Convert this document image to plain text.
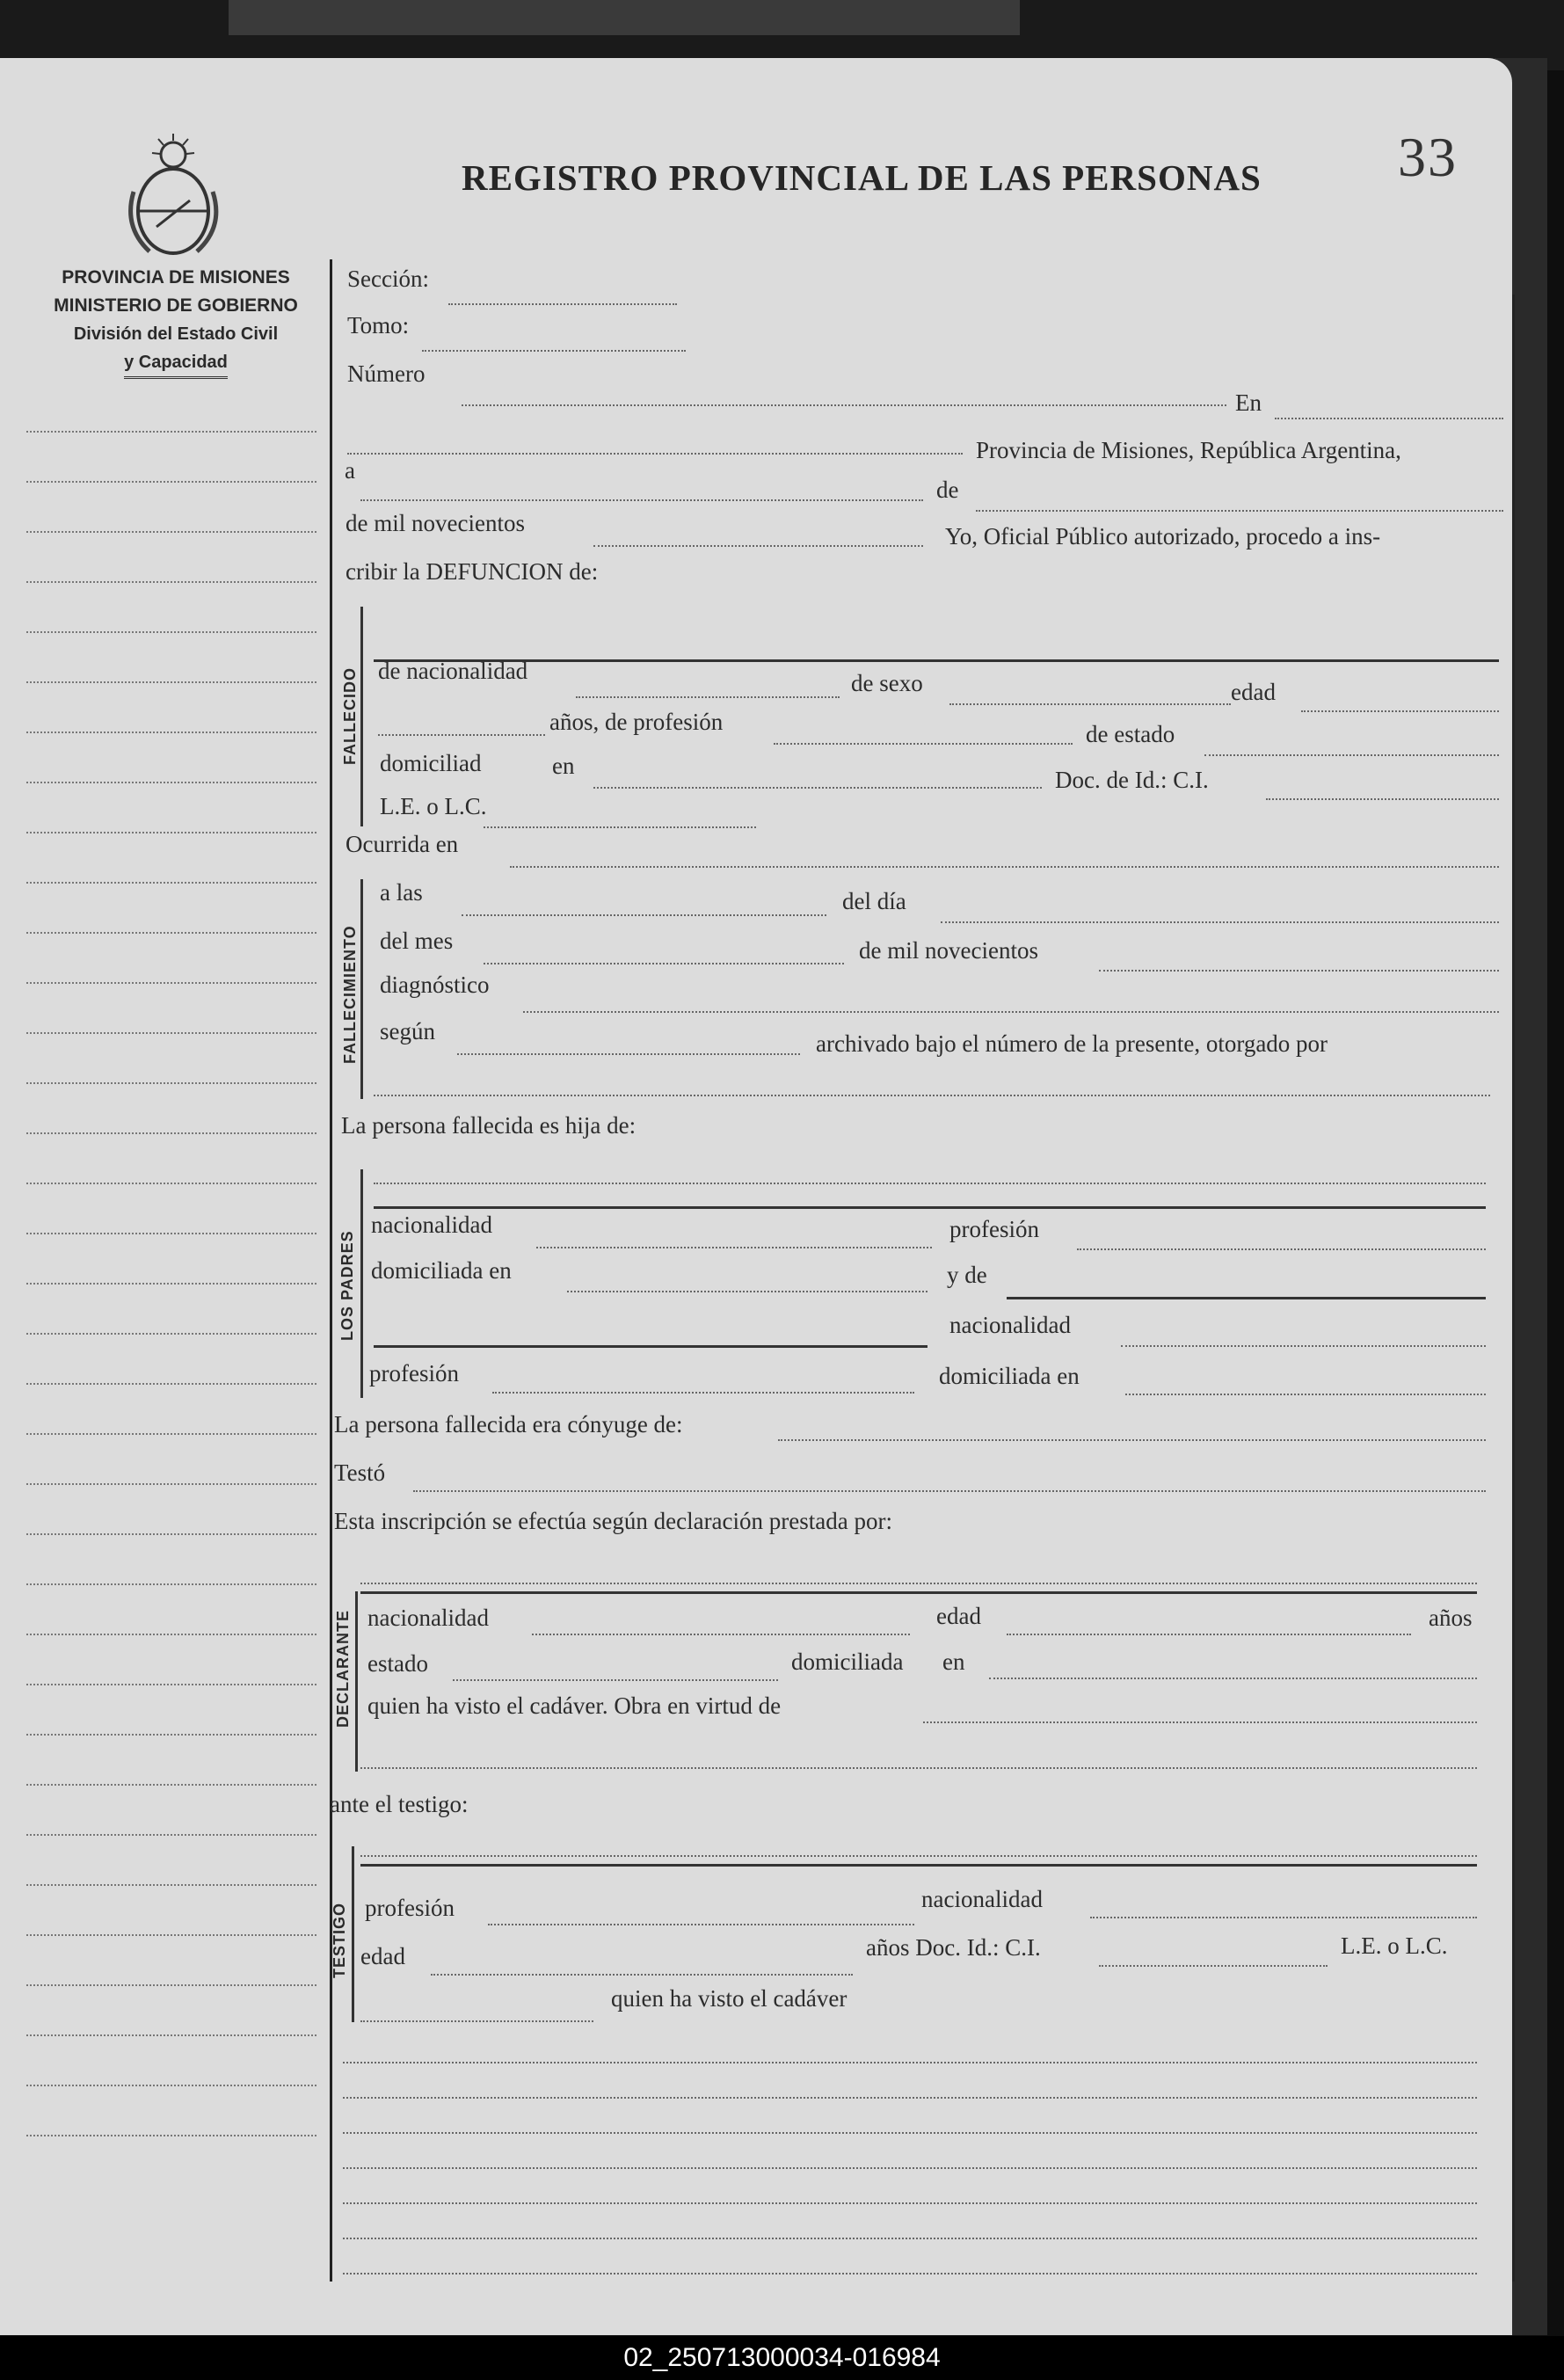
33
REGISTRO PROVINCIAL DE LAS PERSONAS
PROVINCIA DE MISIONES
MINISTERIO DE GOBIERNO
División del Estado Civil
y Capacidad
Sección:
Tomo:
Número
En
Provincia de Misiones, República Argentina,
a
de
de mil novecientos	Yo, Oficial Público autorizado, procedo a ins-
cribir la DEFUNCION de:
FALLECIDO de nacionalidad	de sexo	edad
años, de profesión	de estado
domiciliad	en
Doc. de Id.: C.I.
L.E. o L.C.
Ocurrida en
FALLECIMIENTO
a las	del día
del mes	de mil novecientos
diagnóstico
según	archivado bajo el número de la presente, otorgado por
La persona fallecida es hija de:
LOS PADRES
nacionalidad	profesión
domiciliada en	y de
nacionalidad
profesión	domiciliada en
La persona fallecida era cónyuge de:
Testó
Esta inscripción se efectúa según declaración prestada por:
DECLARANTE nacionalidad	edad	años
estado	domiciliada en
quien ha visto el cadáver. Obra en virtud de
ante el testigo:
TESTIGO profesión	nacionalidad
edad	años Doc. Id.: C.I.	L.E. o L.C.
quien ha visto el cadáver
02_250713000034-016984
